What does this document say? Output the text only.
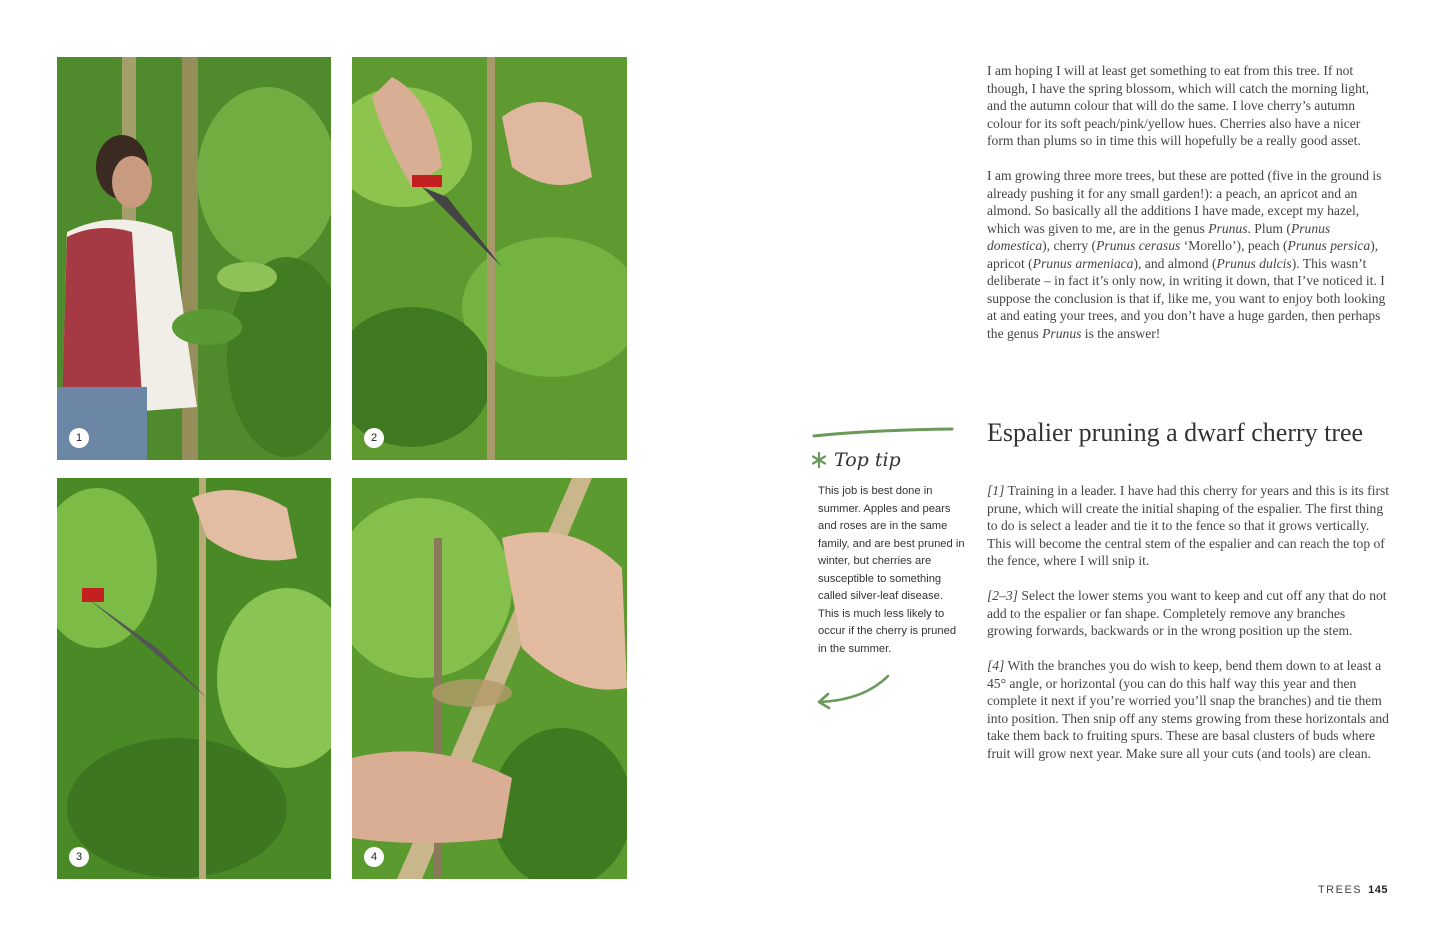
1	2
3	4

I am hoping I will at least get something to eat from this tree. If not though, I have the spring blossom, which will catch the morning light, and the autumn colour that will do the same. I love cherry’s autumn colour for its soft peach/pink/yellow hues. Cherries also have a nicer form than plums so in time this will hopefully be a really good asset.

I am growing three more trees, but these are potted (five in the ground is already pushing it for any small garden!): a peach, an apricot and an almond. So basically all the additions I have made, except my hazel, which was given to me, are in the genus Prunus. Plum (Prunus domestica), cherry (Prunus cerasus ‘Morello’), peach (Prunus persica), apricot (Prunus armeniaca), and almond (Prunus dulcis). This wasn’t deliberate – in fact it’s only now, in writing it down, that I’ve noticed it. I suppose the conclusion is that if, like me, you want to enjoy both looking at and eating your trees, and you don’t have a huge garden, then perhaps the genus Prunus is the answer!

Espalier pruning a dwarf cherry tree
Top tip
This job is best done in summer. Apples and pears and roses are in the same family, and are best pruned in winter, but cherries are susceptible to something called silver-leaf disease. This is much less likely to occur if the cherry is pruned in the summer.

[1] Training in a leader. I have had this cherry for years and this is its first prune, which will create the initial shaping of the espalier. The first thing to do is select a leader and tie it to the fence so that it grows vertically. This will become the central stem of the espalier and can reach the top of the fence, where I will snip it.

[2–3] Select the lower stems you want to keep and cut off any that do not add to the espalier or fan shape. Completely remove any branches growing forwards, backwards or in the wrong position up the stem.

[4] With the branches you do wish to keep, bend them down to at least a 45° angle, or horizontal (you can do this half way this year and then complete it next if you’re worried you’ll snap the branches) and tie them into position. Then snip off any stems growing from these horizontals and take them back to fruiting spurs. These are basal clusters of buds where fruit will grow next year. Make sure all your cuts (and tools) are clean.

TREES 145
